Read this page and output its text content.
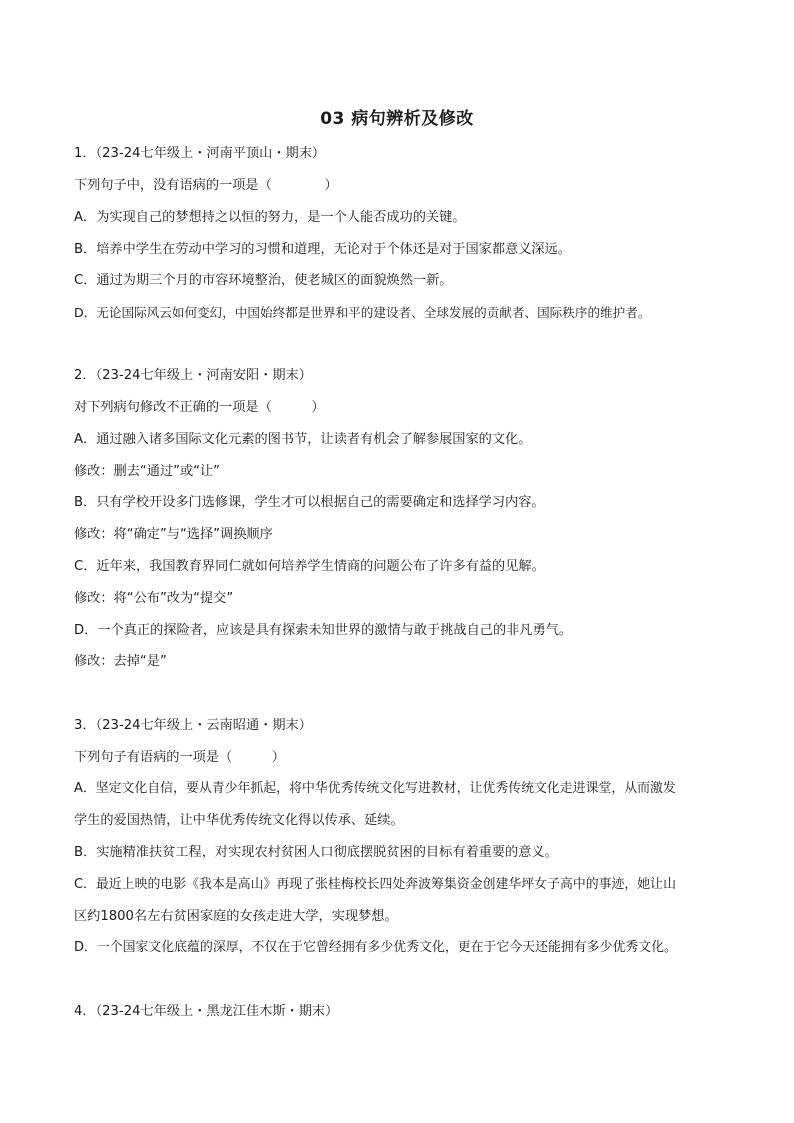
03 病句辨析及修改
1．（23-24七年级上・河南平顶山・期末）
下列句子中，没有语病的一项是（　　　　）
A．为实现自己的梦想持之以恒的努力，是一个人能否成功的关键。
B．培养中学生在劳动中学习的习惯和道理，无论对于个体还是对于国家都意义深远。
C．通过为期三个月的市容环境整治，使老城区的面貌焕然一新。
D．无论国际风云如何变幻，中国始终都是世界和平的建设者、全球发展的贡献者、国际秩序的维护者。
2．（23-24七年级上・河南安阳・期末）
对下列病句修改不正确的一项是（　　　）
A．通过融入诸多国际文化元素的图书节，让读者有机会了解参展国家的文化。
修改：删去“通过”或“让”
B．只有学校开设多门选修课，学生才可以根据自己的需要确定和选择学习内容。
修改：将“确定”与“选择”调换顺序
C．近年来，我国教育界同仁就如何培养学生情商的问题公布了许多有益的见解。
修改：将“公布”改为“提交”
D．一个真正的探险者，应该是具有探索未知世界的激情与敢于挑战自己的非凡勇气。
修改：去掉“是”
3．（23-24七年级上・云南昭通・期末）
下列句子有语病的一项是（　　　）
A．坚定文化自信，要从青少年抓起，将中华优秀传统文化写进教材，让优秀传统文化走进课堂，从而激发
学生的爱国热情，让中华优秀传统文化得以传承、延续。
B．实施精准扶贫工程，对实现农村贫困人口彻底摆脱贫困的目标有着重要的意义。
C．最近上映的电影《我本是高山》再现了张桂梅校长四处奔波筹集资金创建华坪女子高中的事迹，她让山
区约1800名左右贫困家庭的女孩走进大学，实现梦想。
D．一个国家文化底蕴的深厚，不仅在于它曾经拥有多少优秀文化，更在于它今天还能拥有多少优秀文化。
4．（23-24七年级上・黑龙江佳木斯・期末）
